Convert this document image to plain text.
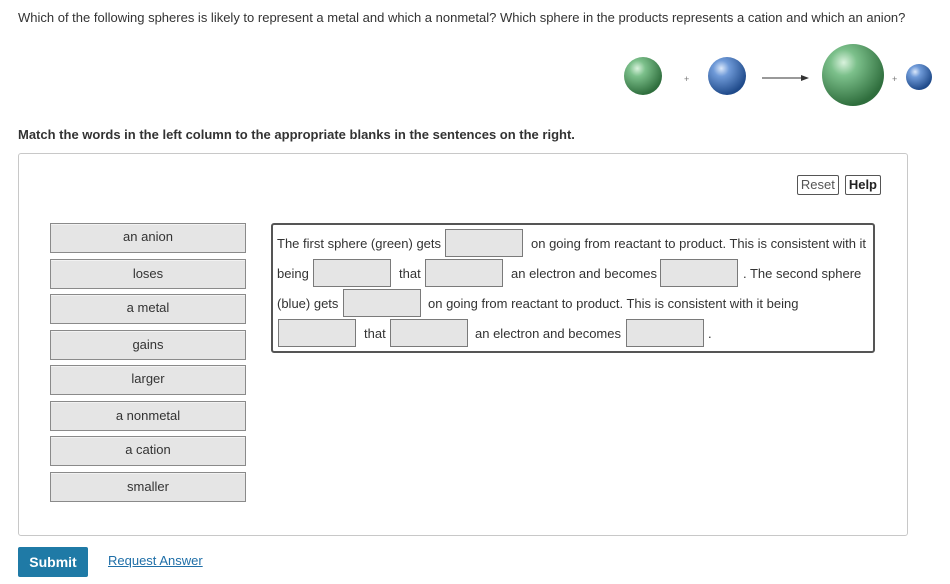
Which of the following spheres is likely to represent a metal and which a nonmetal? Which sphere in the products represents a cation and which an anion?
+	+
Match the words in the left column to the appropriate blanks in the sentences on the right.
Reset	Help
an anion
loses
a metal
gains
larger
a nonmetal
a cation
smaller
The first sphere (green) gets	on going from reactant to product. This is consistent with it
being	that	an electron and becomes	. The second sphere
(blue) gets	on going from reactant to product. This is consistent with it being
that	an electron and becomes	.
Submit	Request Answer
